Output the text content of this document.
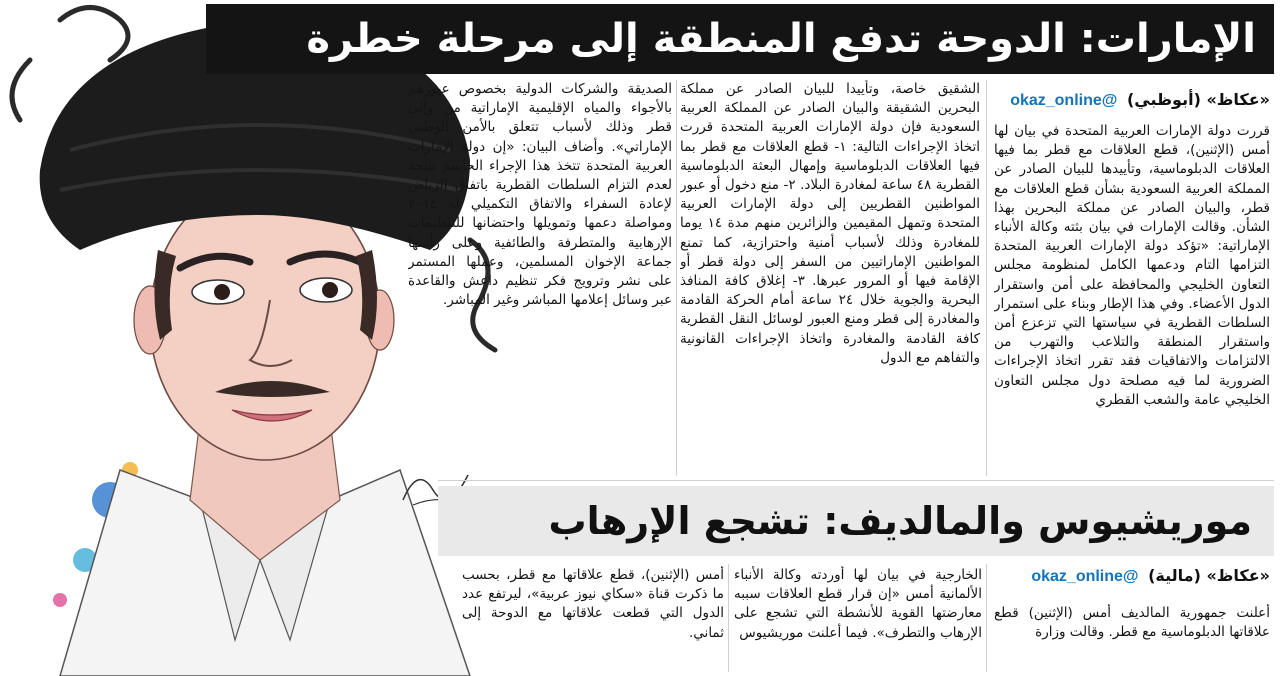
الإمارات: الدوحة تدفع المنطقة إلى مرحلة خطرة
«عكاظ» (أبوظبي) @okaz_online

قررت دولة الإمارات العربية المتحدة في بيان لها أمس (الإثنين)، قطع العلاقات مع قطر بما فيها العلاقات الدبلوماسية، وتأييدها للبيان الصادر عن المملكة العربية السعودية بشأن قطع العلاقات مع قطر، والبيان الصادر عن مملكة البحرين بهذا الشأن. وقالت الإمارات في بيان بثته وكالة الأنباء الإماراتية: «تؤكد دولة الإمارات العربية المتحدة التزامها التام ودعمها الكامل لمنظومة مجلس التعاون الخليجي والمحافظة على أمن واستقرار الدول الأعضاء. وفي هذا الإطار وبناء على استمرار السلطات القطرية في سياستها التي تزعزع أمن واستقرار المنطقة والتلاعب والتهرب من الالتزامات والاتفاقيات فقد تقرر اتخاذ الإجراءات الضرورية لما فيه مصلحة دول مجلس التعاون الخليجي عامة والشعب القطري

الشقيق خاصة، وتأييدا للبيان الصادر عن مملكة البحرين الشقيقة والبيان الصادر عن المملكة العربية السعودية فإن دولة الإمارات العربية المتحدة قررت اتخاذ الإجراءات التالية: ١- قطع العلاقات مع قطر بما فيها العلاقات الدبلوماسية وإمهال البعثة الدبلوماسية القطرية ٤٨ ساعة لمغادرة البلاد. ٢- منع دخول أو عبور المواطنين القطريين إلى دولة الإمارات العربية المتحدة وتمهل المقيمين والزائرين منهم مدة ١٤ يوما للمغادرة وذلك لأسباب أمنية واحترازية، كما تمنع المواطنين الإماراتيين من السفر إلى دولة قطر أو الإقامة فيها أو المرور عبرها. ٣- إغلاق كافة المنافذ البحرية والجوية خلال ٢٤ ساعة أمام الحركة القادمة والمغادرة إلى قطر ومنع العبور لوسائل النقل القطرية كافة القادمة والمغادرة واتخاذ الإجراءات القانونية والتفاهم مع الدول

الصديقة والشركات الدولية بخصوص عبورهم بالأجواء والمياه الإقليمية الإماراتية من وإلى قطر وذلك لأسباب تتعلق بالأمن الوطني الإماراتي». وأضاف البيان: «إن دولة الإمارات العربية المتحدة تتخذ هذا الإجراء الحاسم نتيجة لعدم التزام السلطات القطرية باتفاق الرياض لإعادة السفراء والاتفاق التكميلي له ٢٠١٤ ومواصلة دعمها وتمويلها واحتضانها للتنظيمات الإرهابية والمتطرفة والطائفية وعلى رأسها جماعة الإخوان المسلمين، وعملها المستمر على نشر وترويج فكر تنظيم داعش والقاعدة عبر وسائل إعلامها المباشر وغير المباشر.

موريشيوس والمالديف: تشجع الإرهاب
«عكاظ» (مالية) @okaz_online

أعلنت جمهورية المالديف أمس (الإثنين) قطع علاقاتها الدبلوماسية مع قطر. وقالت وزارة

الخارجية في بيان لها أوردته وكالة الأنباء الألمانية أمس «إن قرار قطع العلاقات سببه معارضتها القوية للأنشطة التي تشجع على الإرهاب والتطرف». فيما أعلنت موريشيوس

أمس (الإثنين)، قطع علاقاتها مع قطر، بحسب ما ذكرت قناة «سكاي نيوز عربية»، ليرتفع عدد الدول التي قطعت علاقاتها مع الدوحة إلى ثماني.
